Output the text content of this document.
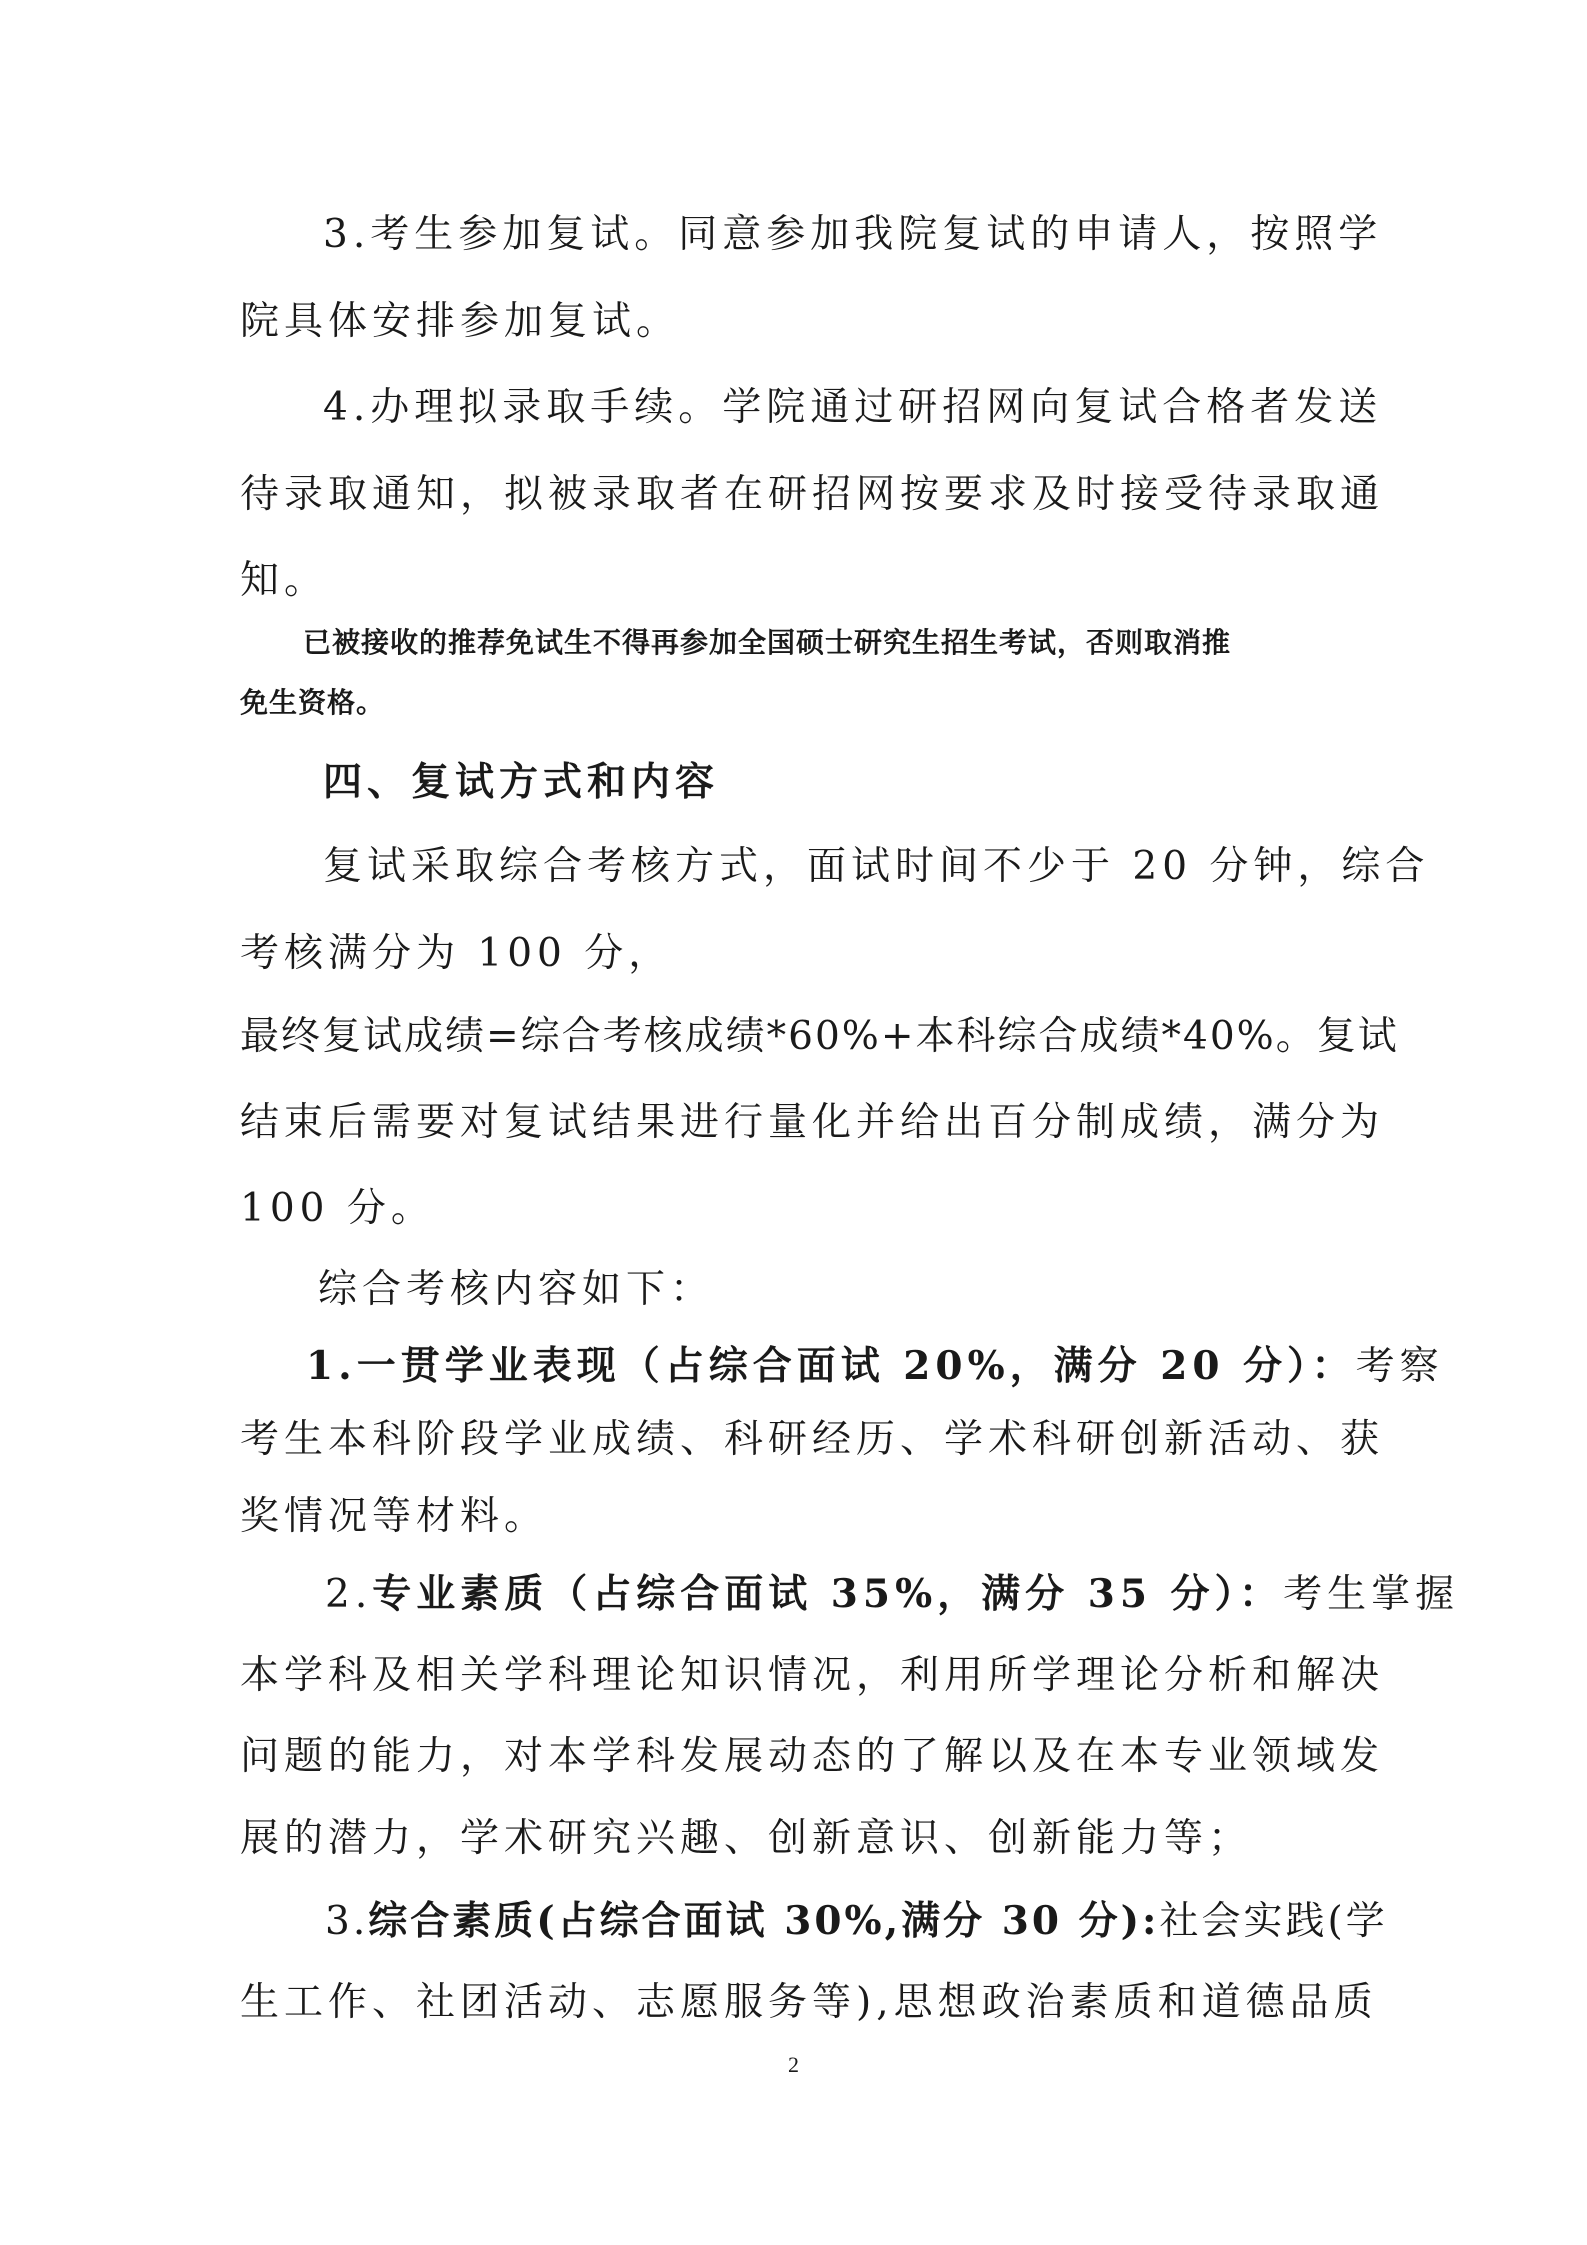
3.考生参加复试。同意参加我院复试的申请人，按照学
院具体安排参加复试。
4.办理拟录取手续。学院通过研招网向复试合格者发送
待录取通知，拟被录取者在研招网按要求及时接受待录取通
知。
已被接收的推荐免试生不得再参加全国硕士研究生招生考试，否则取消推
免生资格。
四、复试方式和内容
复试采取综合考核方式，面试时间不少于 20 分钟，综合
考核满分为 100 分，
最终复试成绩=综合考核成绩*60%+本科综合成绩*40%。复试
结束后需要对复试结果进行量化并给出百分制成绩，满分为
100 分。
综合考核内容如下：
1.一贯学业表现（占综合面试 20%，满分 20 分）：考察
考生本科阶段学业成绩、科研经历、学术科研创新活动、获
奖情况等材料。
2.专业素质（占综合面试 35%，满分 35 分）：考生掌握
本学科及相关学科理论知识情况，利用所学理论分析和解决
问题的能力，对本学科发展动态的了解以及在本专业领域发
展的潜力，学术研究兴趣、创新意识、创新能力等；
3.综合素质(占综合面试 30%,满分 30 分):社会实践(学
生工作、社团活动、志愿服务等),思想政治素质和道德品质
2
